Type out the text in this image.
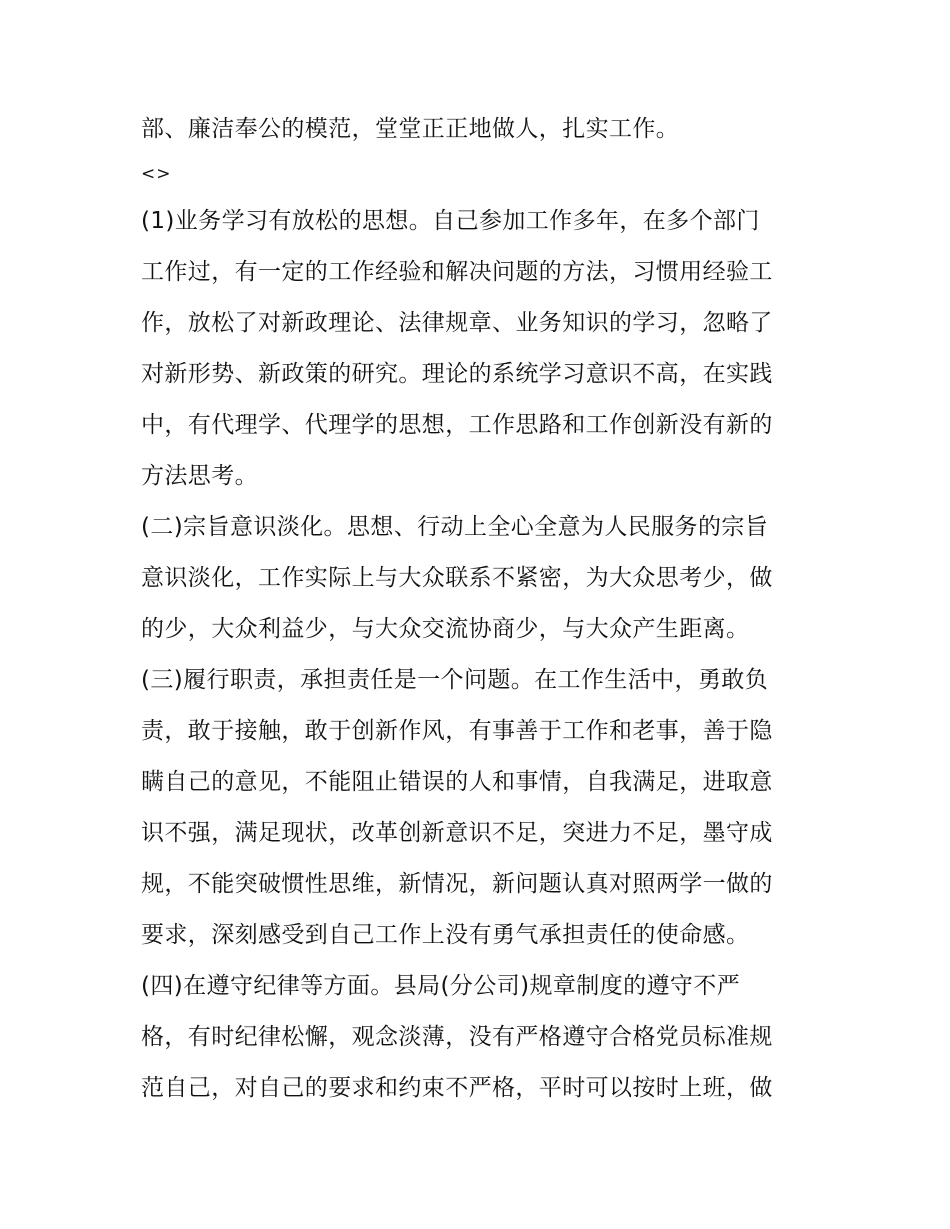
部、廉洁奉公的模范，堂堂正正地做人，扎实工作。
<>
(1)业务学习有放松的思想。自己参加工作多年，在多个部门
工作过，有一定的工作经验和解决问题的方法，习惯用经验工
作，放松了对新政理论、法律规章、业务知识的学习，忽略了
对新形势、新政策的研究。理论的系统学习意识不高，在实践
中，有代理学、代理学的思想，工作思路和工作创新没有新的
方法思考。
(二)宗旨意识淡化。思想、行动上全心全意为人民服务的宗旨
意识淡化，工作实际上与大众联系不紧密，为大众思考少，做
的少，大众利益少，与大众交流协商少，与大众产生距离。
(三)履行职责，承担责任是一个问题。在工作生活中，勇敢负
责，敢于接触，敢于创新作风，有事善于工作和老事，善于隐
瞒自己的意见，不能阻止错误的人和事情，自我满足，进取意
识不强，满足现状，改革创新意识不足，突进力不足，墨守成
规，不能突破惯性思维，新情况，新问题认真对照两学一做的
要求，深刻感受到自己工作上没有勇气承担责任的使命感。
(四)在遵守纪律等方面。县局(分公司)规章制度的遵守不严
格，有时纪律松懈，观念淡薄，没有严格遵守合格党员标准规
范自己，对自己的要求和约束不严格，平时可以按时上班，做
